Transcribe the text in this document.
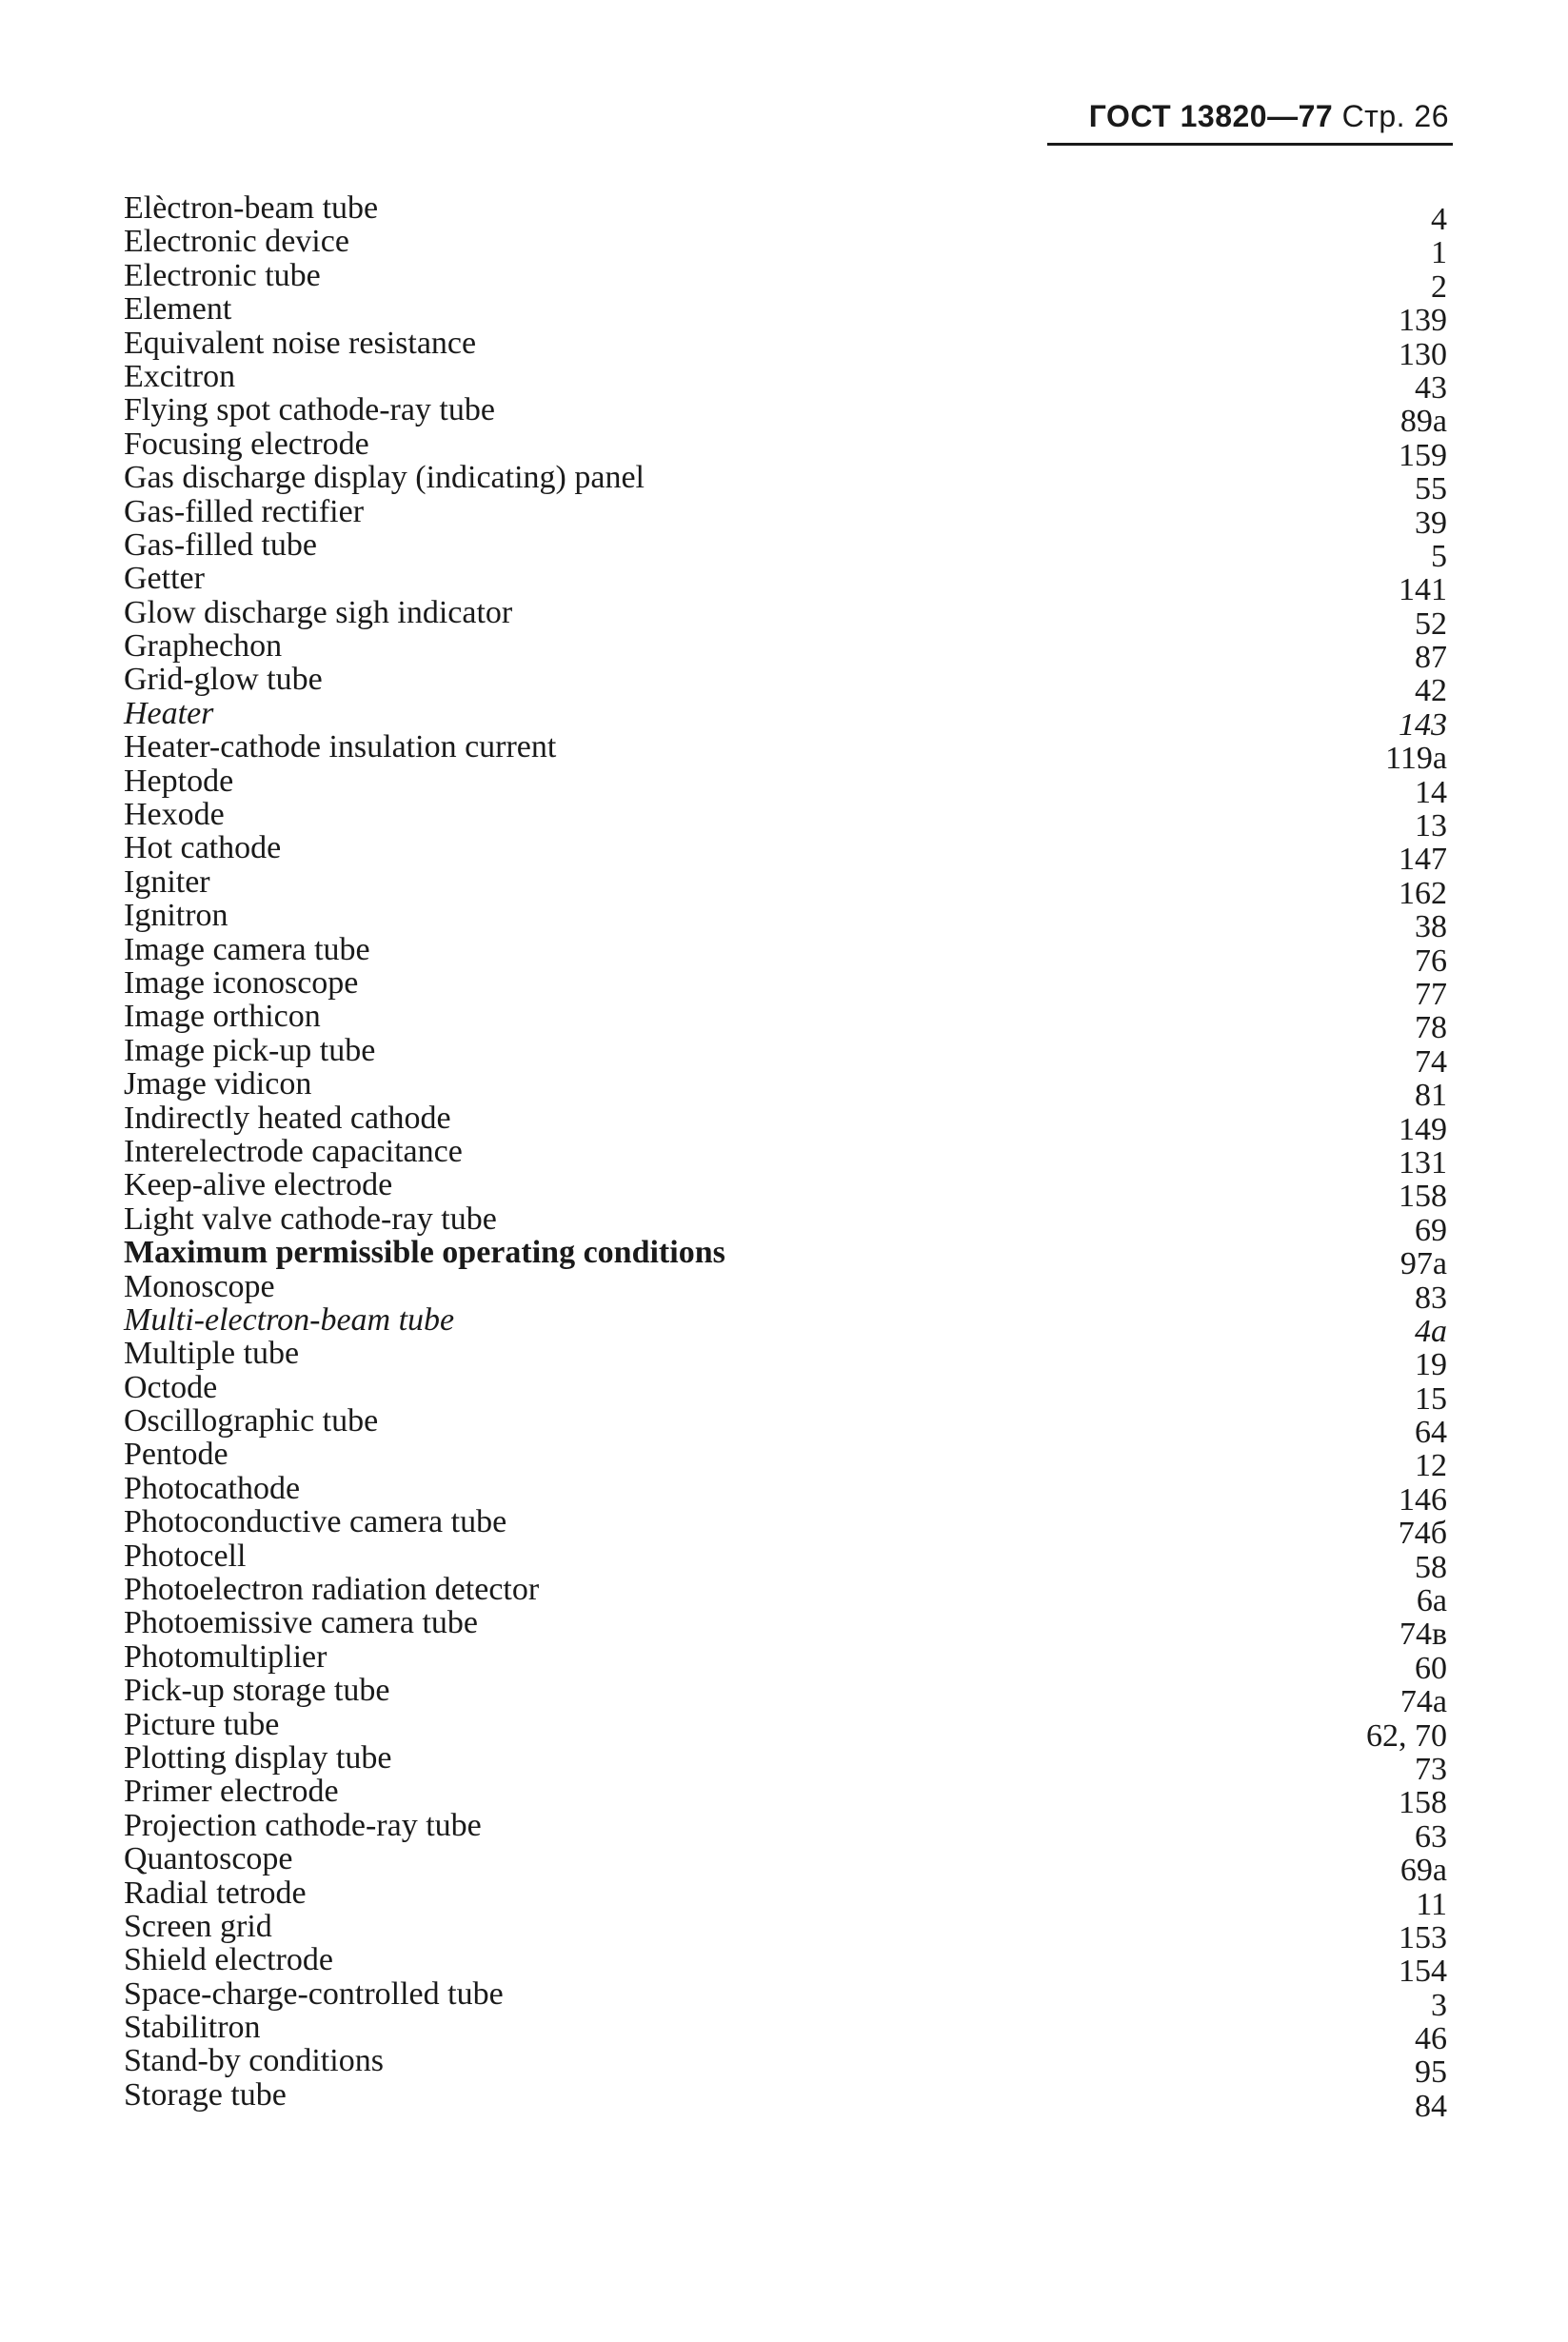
ГОСТ 13820—77 Стр. 26
Elèctron-beam tube	4
Electronic device	1
Electronic tube	2
Element	139
Equivalent noise resistance	130
Excitron	43
Flying spot cathode-ray tube	89a
Focusing electrode	159
Gas discharge display (indicating) panel	55
Gas-filled rectifier	39
Gas-filled tube	5
Getter	141
Glow discharge sigh indicator	52
Graphechon	87
Grid-glow tube	42
Heater	143
Heater-cathode insulation current	119a
Heptode	14
Hexode	13
Hot cathode	147
Igniter	162
Ignitron	38
Image camera tube	76
Image iconoscope	77
Image orthicon	78
Image pick-up tube	74
Jmage vidicon	81
Indirectly heated cathode	149
Interelectrode capacitance	131
Keep-alive electrode	158
Light valve cathode-ray tube	69
Maximum permissible operating conditions	97a
Monoscope	83
Multi-electron-beam tube	4a
Multiple tube	19
Octode	15
Oscillographic tube	64
Pentode	12
Photocathode	146
Photoconductive camera tube	74б
Photocell	58
Photoelectron radiation detector	6a
Photoemissive camera tube	74в
Photomultiplier	60
Pick-up storage tube	74a
Picture tube	62, 70
Plotting display tube	73
Primer electrode	158
Projection cathode-ray tube	63
Quantoscope	69a
Radial tetrode	11
Screen grid	153
Shield electrode	154
Space-charge-controlled tube	3
Stabilitron	46
Stand-by conditions	95
Storage tube	84
